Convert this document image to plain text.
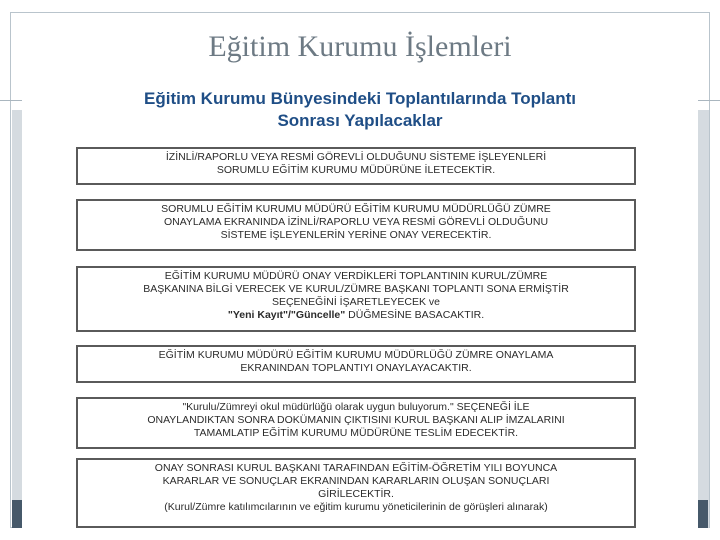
Eğitim Kurumu İşlemleri
Eğitim Kurumu Bünyesindeki Toplantılarında Toplantı
Sonrası Yapılacaklar

İZİNLİ/RAPORLU VEYA RESMİ GÖREVLİ OLDUĞUNU SİSTEME İŞLEYENLERİ

SORUMLU EĞİTİM KURUMU MÜDÜRÜNE İLETECEKTİR.

SORUMLU EĞİTİM KURUMU MÜDÜRÜ EĞİTİM KURUMU MÜDÜRLÜĞÜ ZÜMRE

ONAYLAMA EKRANINDA İZİNLİ/RAPORLU VEYA RESMİ GÖREVLİ OLDUĞUNU

SİSTEME İŞLEYENLERİN YERİNE ONAY VERECEKTİR.

EĞİTİM KURUMU MÜDÜRÜ ONAY VERDİKLERİ TOPLANTININ KURUL/ZÜMRE

BAŞKANINA BİLGİ VERECEK VE KURUL/ZÜMRE BAŞKANI TOPLANTI SONA ERMİŞTİR

SEÇENEĞİNİ İŞARETLEYECEK ve

"Yeni Kayıt"/"Güncelle" DÜĞMESİNE BASACAKTIR.

EĞİTİM KURUMU MÜDÜRÜ EĞİTİM KURUMU MÜDÜRLÜĞÜ ZÜMRE ONAYLAMA

EKRANINDAN TOPLANTIYI ONAYLAYACAKTIR.

"Kurulu/Zümreyi okul müdürlüğü olarak uygun buluyorum." SEÇENEĞİ İLE

ONAYLANDIKTAN SONRA DOKÜMANIN ÇIKTISINI KURUL BAŞKANI ALIP İMZALARINI

TAMAMLATIP EĞİTİM KURUMU MÜDÜRÜNE TESLİM EDECEKTİR.

ONAY SONRASI KURUL BAŞKANI TARAFINDAN EĞİTİM-ÖĞRETİM YILI BOYUNCA

KARARLAR VE SONUÇLAR EKRANINDAN KARARLARIN OLUŞAN SONUÇLARI

GİRİLECEKTİR.

(Kurul/Zümre katılımcılarının ve eğitim kurumu yöneticilerinin de görüşleri alınarak)
